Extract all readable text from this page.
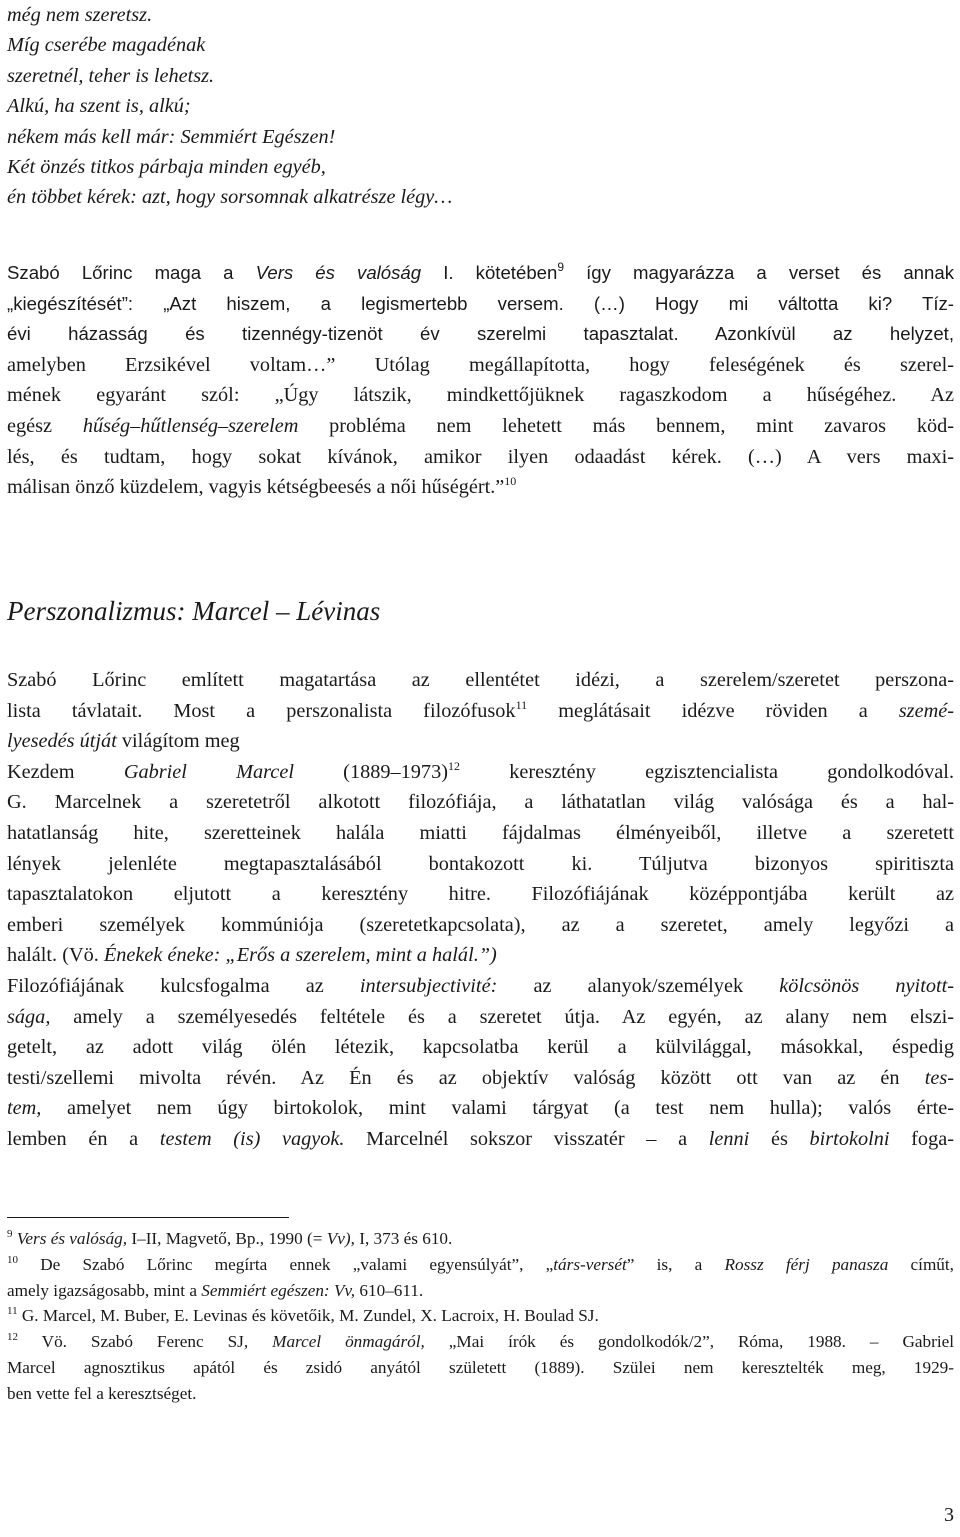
még nem szeretsz.
Míg cserébe magadénak
szeretnél, teher is lehetsz.
Alkú, ha szent is, alkú;
nékem más kell már: Semmiért Egészen!
Két önzés titkos párbaja minden egyéb,
én többet kérek: azt, hogy sorsomnak alkatrésze légy…
Szabó Lőrinc maga a Vers és valóság I. kötetében$^9$ így magyarázza a verset és annak
„kiegészítését”: „Azt hiszem, a legismertebb versem. (…) Hogy mi váltotta ki? Tíz-
évi házasság és tizennégy-tizenöt év szerelmi tapasztalat. Azonkívül az helyzet,
amelyben Erzsikével voltam…” Utólag megállapította, hogy feleségének és szerel-
mének egyaránt szól: „Úgy látszik, mindkettőjüknek ragaszkodom a hűségéhez. Az
egész hűség–hűtlenség–szerelem probléma nem lehetett más bennem, mint zavaros köd-
lés, és tudtam, hogy sokat kívánok, amikor ilyen odaadást kérek. (…) A vers maxi-
málisan önző küzdelem, vagyis kétségbeesés a női hűségért.”$^{10}$
Perszonalizmus: Marcel – Lévinas
Szabó Lőrinc említett magatartása az ellentétet idézi, a szerelem/szeretet perszona-
lista távlatait. Most a perszonalista filozófusok$^{11}$ meglátásait idézve röviden a szemé-
lyesedés útját világítom meg
Kezdem Gabriel Marcel (1889–1973)$^{12}$ keresztény egzisztencialista gondolkodóval.
G. Marcelnek a szeretetről alkotott filozófiája, a láthatatlan világ valósága és a hal-
hatatlanság hite, szeretteinek halála miatti fájdalmas élményeiből, illetve a szeretett
lények jelenléte megtapasztalásából bontakozott ki. Túljutva bizonyos spiritiszta
tapasztalatokon eljutott a keresztény hitre. Filozófiájának középpontjába került az
emberi személyek kommúniója (szeretetkapcsolata), az a szeretet, amely legyőzi a
halált. (Vö. Énekek éneke: „Erős a szerelem, mint a halál.”)
Filozófiájának kulcsfogalma az intersubjectivité: az alanyok/személyek kölcsönös nyitott-
sága, amely a személyesedés feltétele és a szeretet útja. Az egyén, az alany nem elszi-
getelt, az adott világ ölén létezik, kapcsolatba kerül a külvilággal, másokkal, éspedig
testi/szellemi mivolta révén. Az Én és az objektív valóság között ott van az én tes-
tem, amelyet nem úgy birtokolok, mint valami tárgyat (a test nem hulla); valós érte-
lemben én a testem (is) vagyok. Marcelnél sokszor visszatér – a lenni és birtokolni foga-
$^9$ Vers és valóság, I–II, Magvető, Bp., 1990 (= Vv), I, 373 és 610.
$^{10}$ De Szabó Lőrinc megírta ennek „valami egyensúlyát”, „társ-versét” is, a Rossz férj panasza címűt,
amely igazságosabb, mint a Semmiért egészen: Vv, 610–611.
$^{11}$ G. Marcel, M. Buber, E. Levinas és követőik, M. Zundel, X. Lacroix, H. Boulad SJ.
$^{12}$ Vö. Szabó Ferenc SJ, Marcel önmagáról, „Mai írók és gondolkodók/2”, Róma, 1988. – Gabriel
Marcel agnosztikus apától és zsidó anyától született (1889). Szülei nem keresztelték meg, 1929-
ben vette fel a keresztséget.
3
